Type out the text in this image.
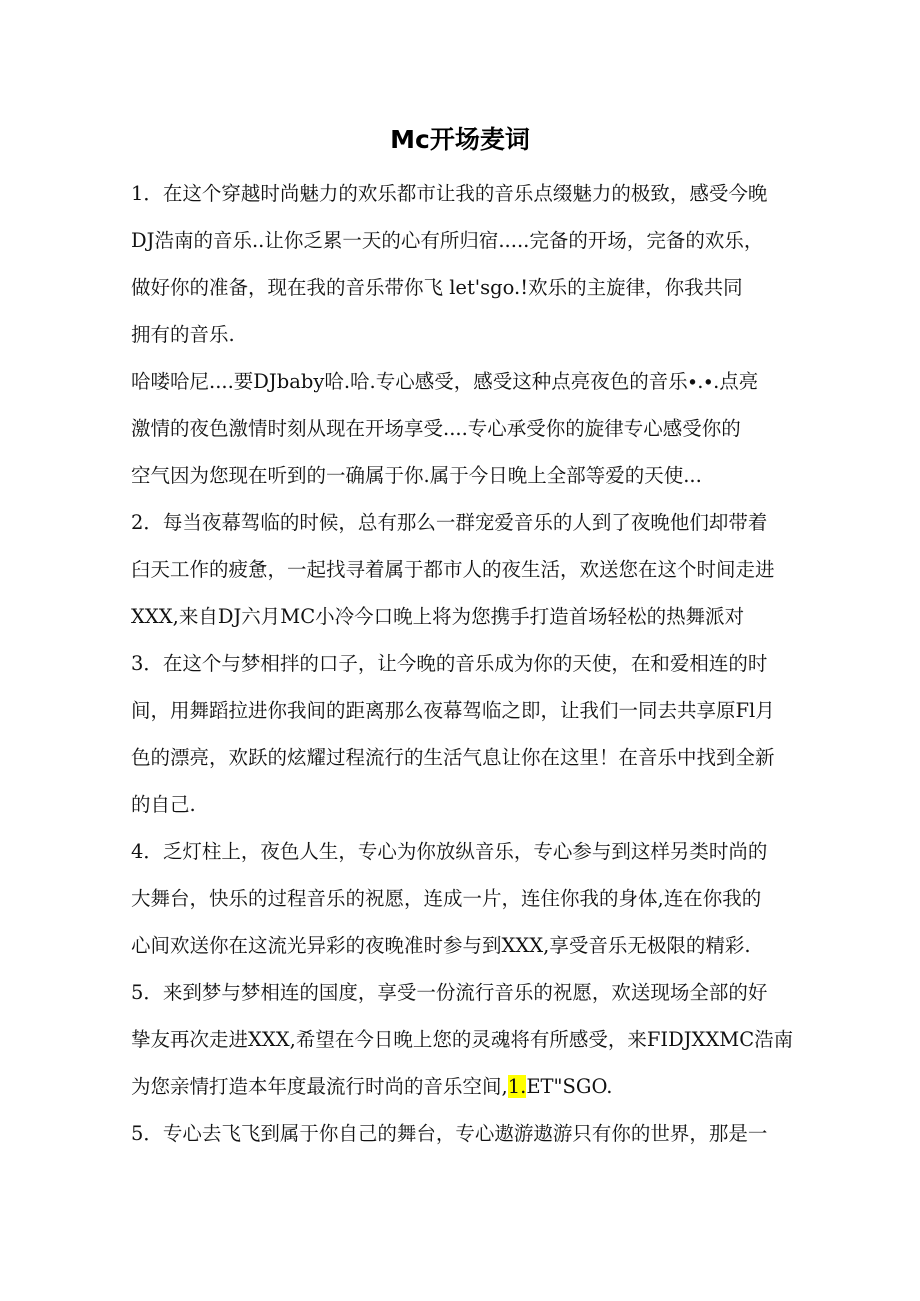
Mc开场麦词
1．在这个穿越时尚魅力的欢乐都市让我的音乐点缀魅力的极致，感受今晚
DJ浩南的音乐..让你乏累一天的心有所归宿.....完备的开场，完备的欢乐，
做好你的准备，现在我的音乐带你飞 let'sgo.!欢乐的主旋律，你我共同
拥有的音乐.
哈喽哈尼....要DJbaby哈.哈.专心感受，感受这种点亮夜色的音乐∙.∙.点亮
激情的夜色激情时刻从现在开场享受....专心承受你的旋律专心感受你的
空气因为您现在听到的一确属于你.属于今日晚上全部等爱的天使...
2．每当夜幕驾临的时候，总有那么一群宠爱音乐的人到了夜晚他们却带着
臼天工作的疲惫，一起找寻着属于都市人的夜生活，欢送您在这个时间走进
XXX,来自DJ六月MC小冷今口晚上将为您携手打造首场轻松的热舞派对
3．在这个与梦相拌的口子，让今晚的音乐成为你的天使，在和爱相连的时
间，用舞蹈拉进你我间的距离那么夜幕驾临之即，让我们一同去共享原Fl月
色的漂亮，欢跃的炫耀过程流行的生活气息让你在这里！在音乐中找到全新
的自己.
4．乏灯柱上，夜色人生，专心为你放纵音乐，专心参与到这样另类时尚的
大舞台，快乐的过程音乐的祝愿，连成一片，连住你我的身体,连在你我的
心间欢送你在这流光异彩的夜晚准时参与到XXX,享受音乐无极限的精彩.
5．来到梦与梦相连的国度，享受一份流行音乐的祝愿，欢送现场全部的好
挚友再次走进XXX,希望在今日晚上您的灵魂将有所感受，来FIDJXXMC浩南
为您亲情打造本年度最流行时尚的音乐空间,1.ET"SGO.
5．专心去飞飞到属于你自己的舞台，专心遨游遨游只有你的世界，那是一
